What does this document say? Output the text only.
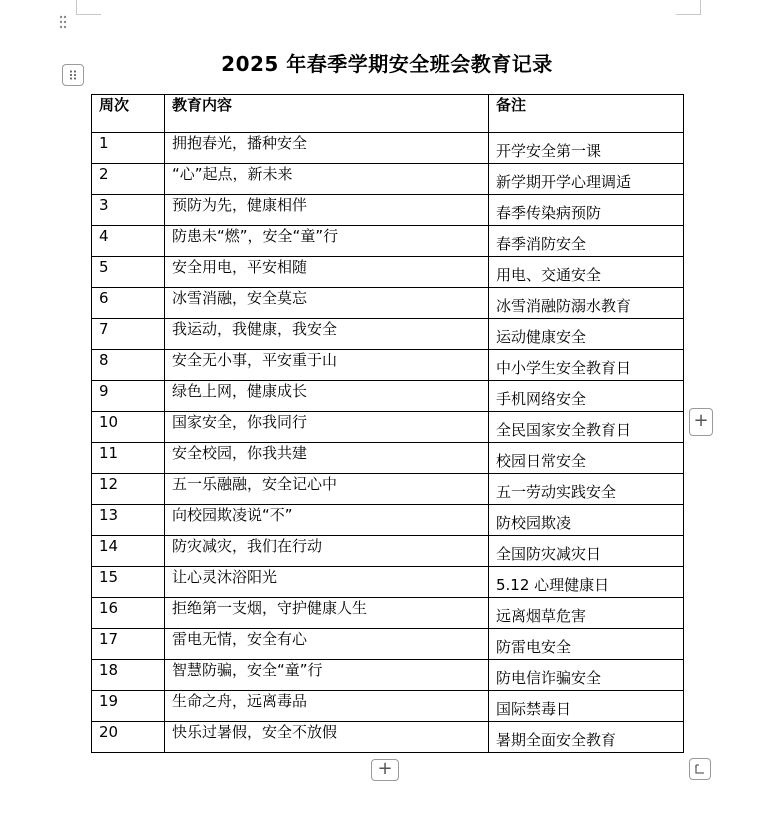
2025 年春季学期安全班会教育记录
周次	教育内容	备注
1	拥抱春光，播种安全	开学安全第一课
2	“心”起点，新未来	新学期开学心理调适
3	预防为先，健康相伴	春季传染病预防
4	防患未“燃”，安全“童”行	春季消防安全
5	安全用电，平安相随	用电、交通安全
6	冰雪消融，安全莫忘	冰雪消融防溺水教育
7	我运动，我健康，我安全	运动健康安全
8	安全无小事，平安重于山	中小学生安全教育日
9	绿色上网，健康成长	手机网络安全
10	国家安全，你我同行	全民国家安全教育日
11	安全校园，你我共建	校园日常安全
12	五一乐融融，安全记心中	五一劳动实践安全
13	向校园欺凌说“不”	防校园欺凌
14	防灾减灾，我们在行动	全国防灾减灾日
15	让心灵沐浴阳光	5.12 心理健康日
16	拒绝第一支烟，守护健康人生	远离烟草危害
17	雷电无情，安全有心	防雷电安全
18	智慧防骗，安全“童”行	防电信诈骗安全
19	生命之舟，远离毒品	国际禁毒日
20	快乐过暑假，安全不放假	暑期全面安全教育
+
+
